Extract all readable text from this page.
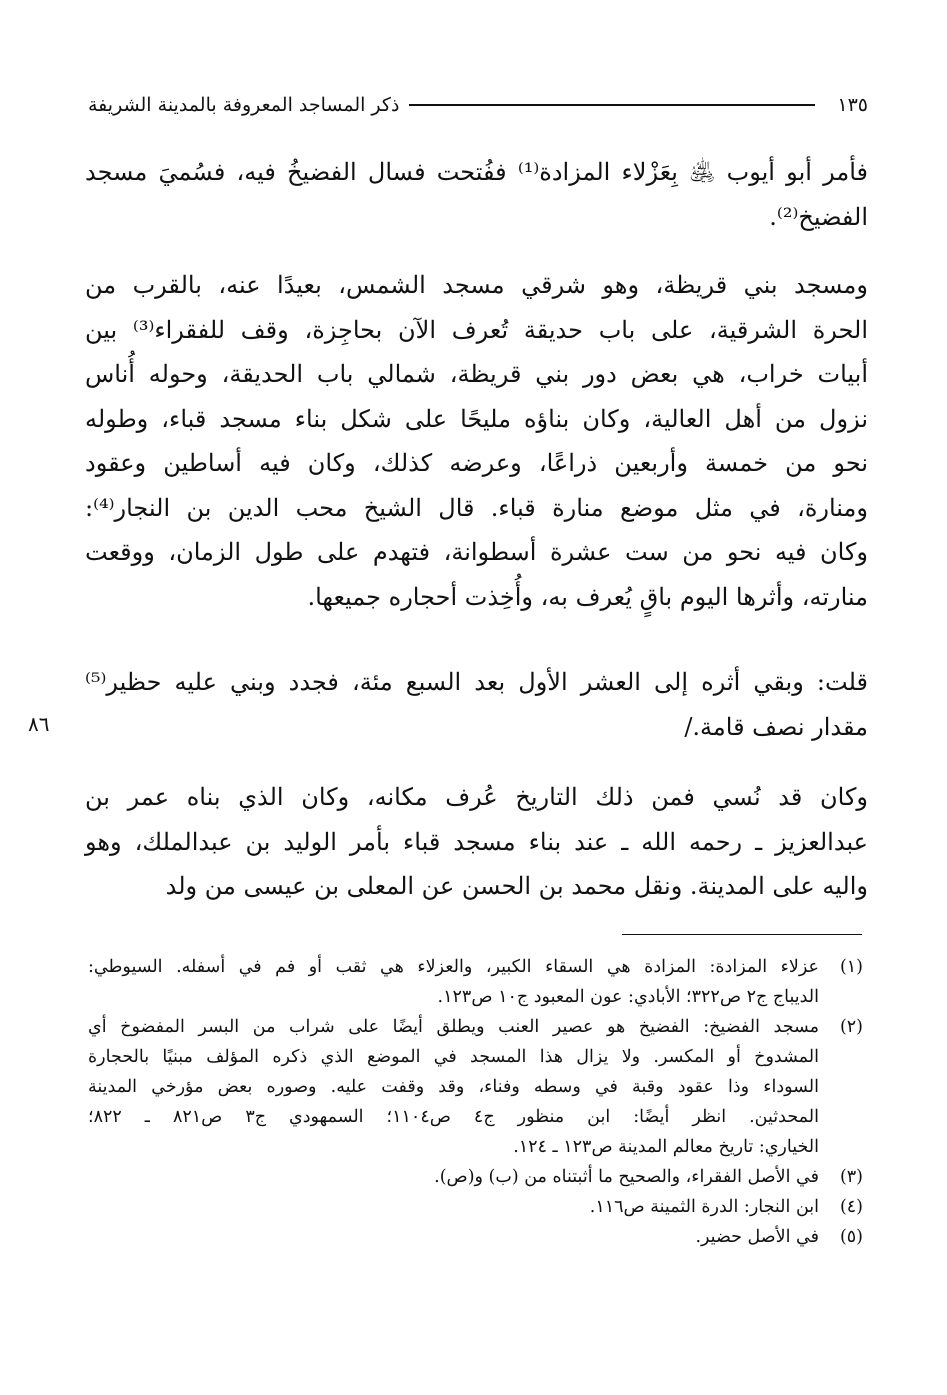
١٣٥
ذكر المساجد المعروفة بالمدينة الشريفة
فأمر أبو أيوب ﵁ بِعَزْلاء المزادة⁽¹⁾ ففُتحت فسال الفضيخُ فيه، فسُميَ مسجد
الفضيخ⁽²⁾.
ومسجد بني قريظة، وهو شرقي مسجد الشمس، بعيدًا عنه، بالقرب من
الحرة الشرقية، على باب حديقة تُعرف الآن بحاجِزة، وقف للفقراء⁽³⁾ بين
أبيات خراب، هي بعض دور بني قريظة، شمالي باب الحديقة، وحوله أُناس
نزول من أهل العالية، وكان بناؤه مليحًا على شكل بناء مسجد قباء، وطوله
نحو من خمسة وأربعين ذراعًا، وعرضه كذلك، وكان فيه أساطين وعقود
ومنارة، في مثل موضع منارة قباء. قال الشيخ محب الدين بن النجار⁽⁴⁾:
وكان فيه نحو من ست عشرة أسطوانة، فتهدم على طول الزمان، ووقعت
منارته، وأثرها اليوم باقٍ يُعرف به، وأُخِذت أحجاره جميعها.
قلت: وبقي أثره إلى العشر الأول بعد السبع مئة، فجدد وبني عليه حظير⁽⁵⁾
مقدار نصف قامة./
وكان قد نُسي فمن ذلك التاريخ عُرف مكانه، وكان الذي بناه عمر بن
عبدالعزيز ـ رحمه الله ـ عند بناء مسجد قباء بأمر الوليد بن عبدالملك، وهو
واليه على المدينة. ونقل محمد بن الحسن عن المعلى بن عيسى من ولد
٨٦
(١)
عزلاء المزادة: المزادة هي السقاء الكبير، والعزلاء هي ثقب أو فم في أسفله. السيوطي:
الديباج ج٢ ص٣٢٢؛ الأبادي: عون المعبود ج١٠ ص١٢٣.
(٢)
مسجد الفضيخ: الفضيخ هو عصير العنب ويطلق أيضًا على شراب من البسر المفضوخ أي
المشدوخ أو المكسر. ولا يزال هذا المسجد في الموضع الذي ذكره المؤلف مبنيًا بالحجارة
السوداء وذا عقود وقبة في وسطه وفناء، وقد وقفت عليه. وصوره بعض مؤرخي المدينة
المحدثين. انظر أيضًا: ابن منظور ج٤ ص١١٠٤؛ السمهودي ج٣ ص٨٢١ ـ ٨٢٢؛
الخياري: تاريخ معالم المدينة ص١٢٣ ـ ١٢٤.
(٣)
في الأصل الفقراء، والصحيح ما أثبتناه من (ب) و(ص).
(٤)
ابن النجار: الدرة الثمينة ص١١٦.
(٥)
في الأصل حضير.
